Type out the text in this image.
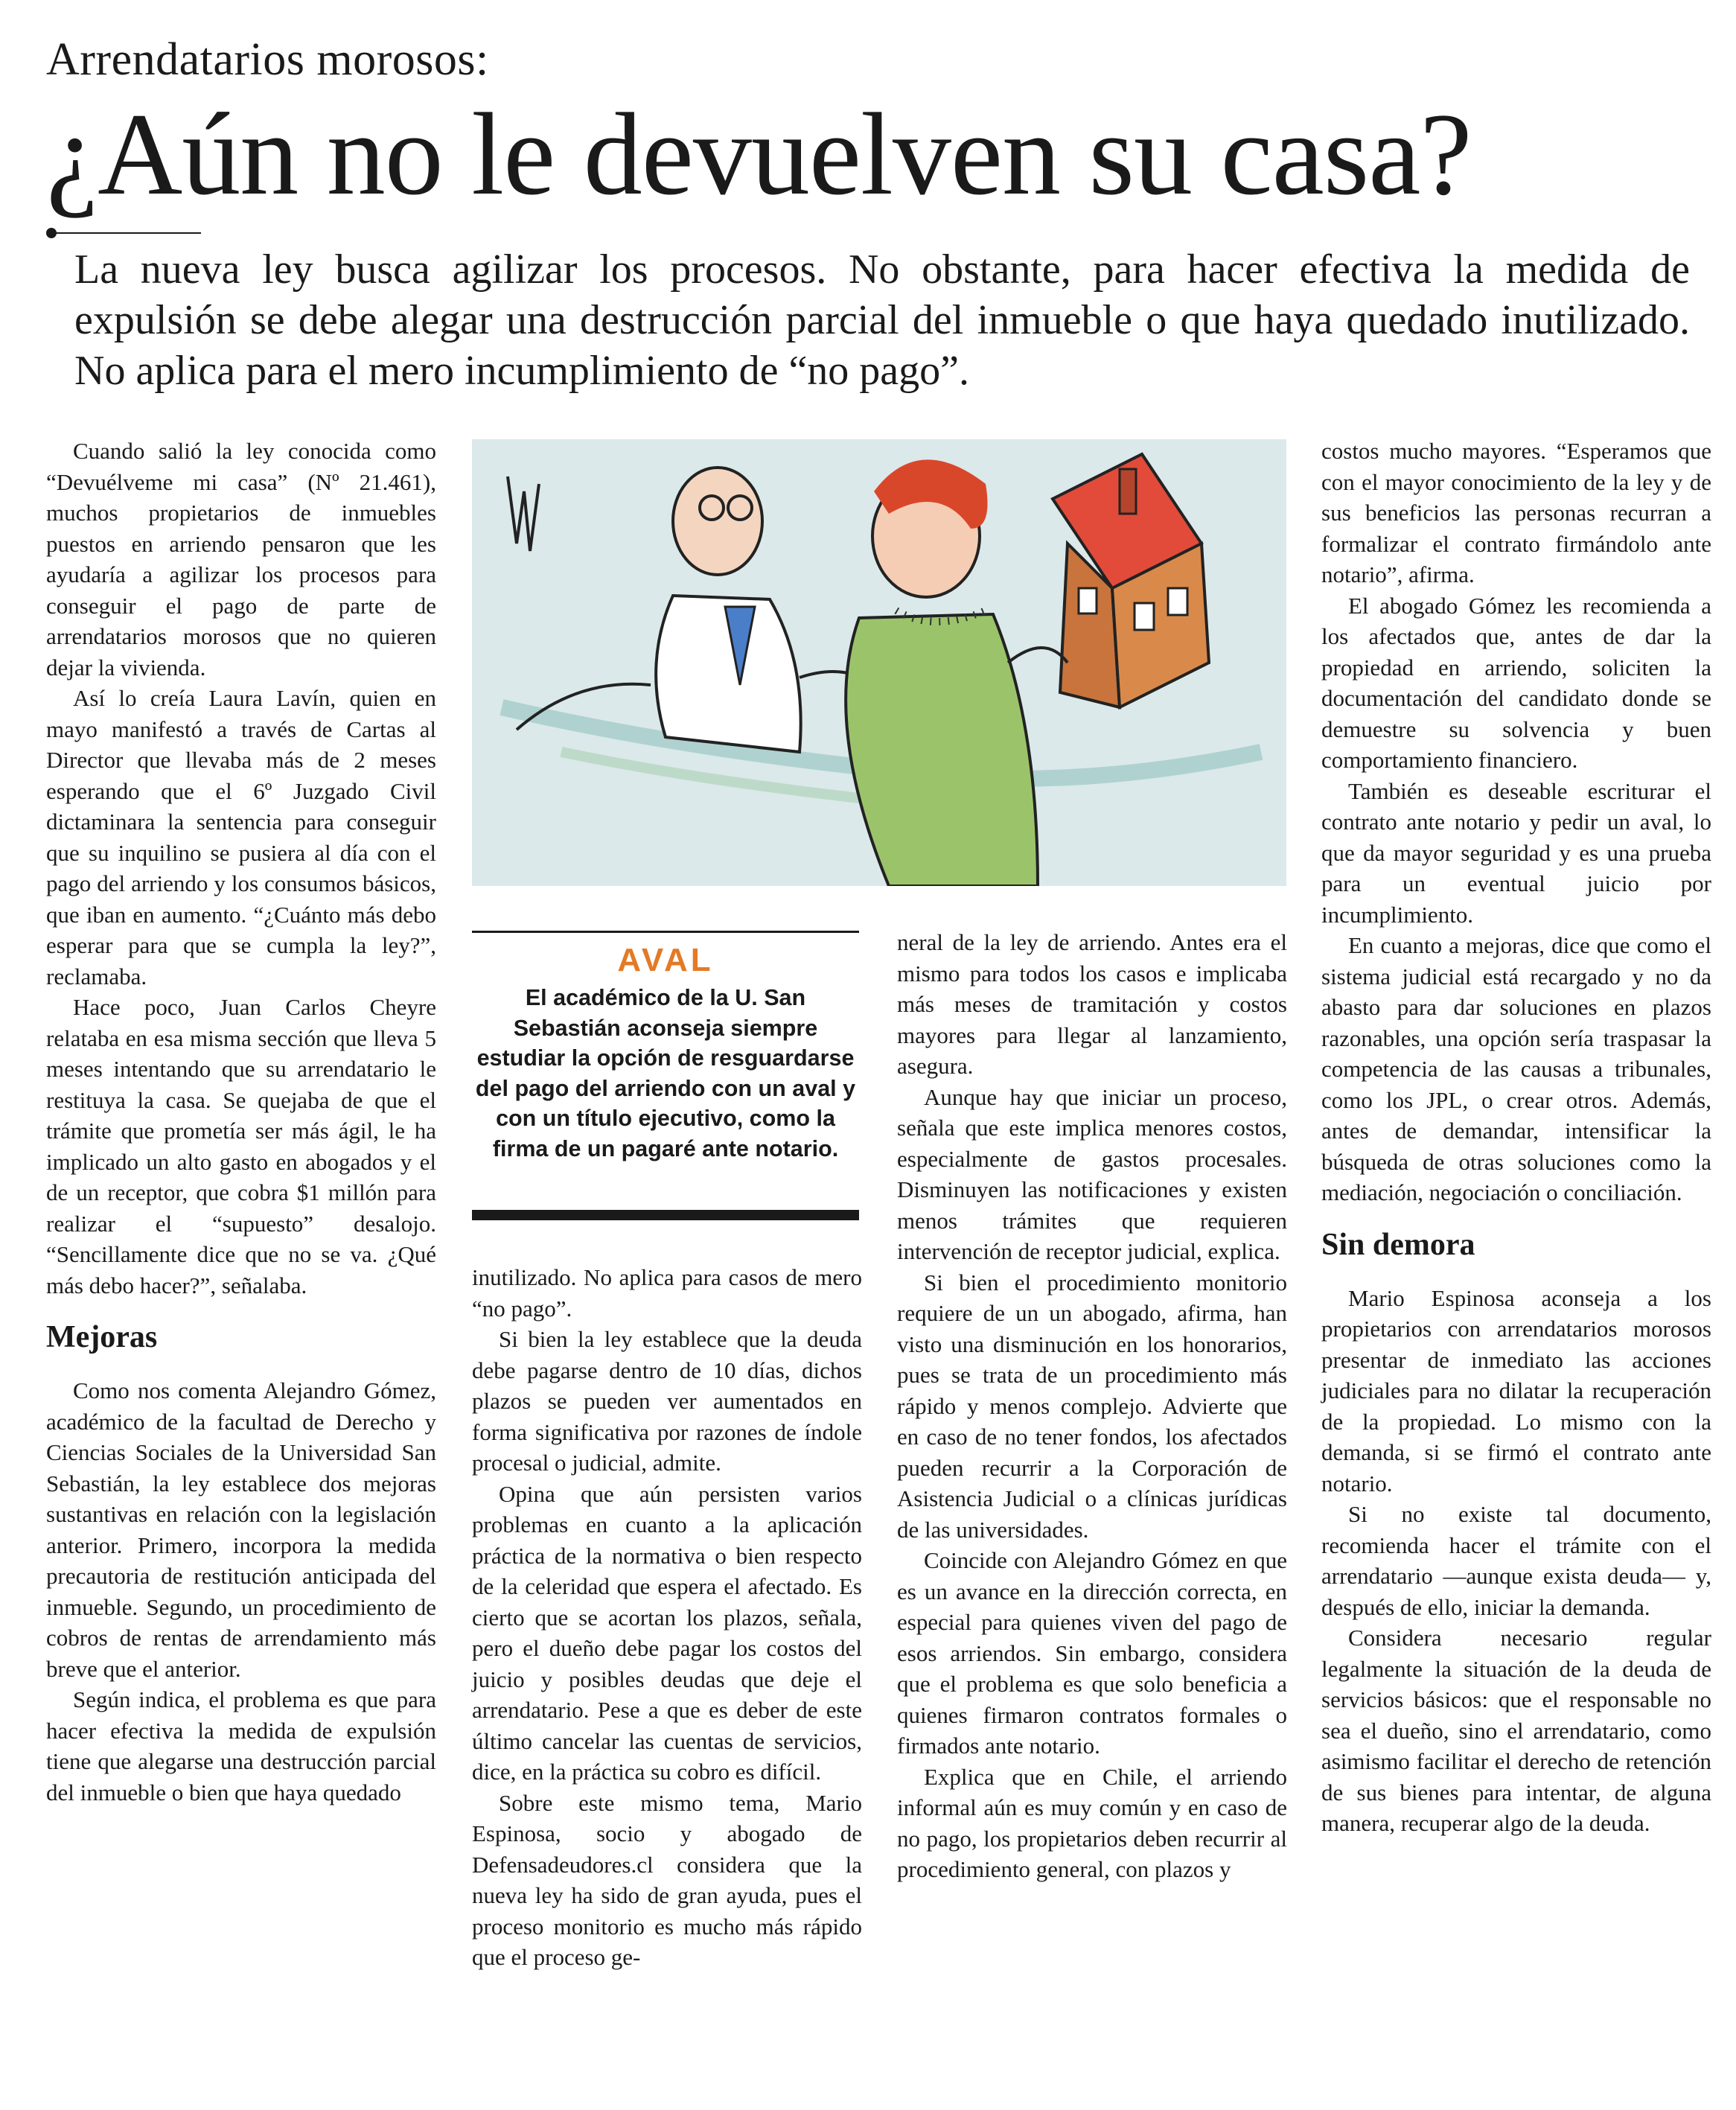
Arrendatarios morosos:
¿Aún no le devuelven su casa?
La nueva ley busca agilizar los procesos. No obstante, para hacer efectiva la medida de expulsión se debe alegar una destrucción parcial del inmueble o que haya quedado inutilizado. No aplica para el mero incumplimiento de “no pago”.

Cuando salió la ley conocida como “Devuélveme mi casa” (Nº 21.461), muchos propietarios de inmuebles puestos en arriendo pensaron que les ayudaría a agilizar los procesos para conseguir el pago de parte de arrendatarios morosos que no quieren dejar la vivienda.

Así lo creía Laura Lavín, quien en mayo manifestó a través de Cartas al Director que llevaba más de 2 meses esperando que el 6º Juzgado Civil dictaminara la sentencia para conseguir que su inquilino se pusiera al día con el pago del arriendo y los consumos básicos, que iban en aumento. “¿Cuánto más debo esperar para que se cumpla la ley?”, reclamaba.

Hace poco, Juan Carlos Cheyre relataba en esa misma sección que lleva 5 meses intentando que su arrendatario le restituya la casa. Se quejaba de que el trámite que prometía ser más ágil, le ha implicado un alto gasto en abogados y el de un receptor, que cobra $1 millón para realizar el “supuesto” desalojo. “Sencillamente dice que no se va. ¿Qué más debo hacer?”, señalaba.

Mejoras

Como nos comenta Alejandro Gómez, académico de la facultad de Derecho y Ciencias Sociales de la Universidad San Sebastián, la ley establece dos mejoras sustantivas en relación con la legislación anterior. Primero, incorpora la medida precautoria de restitución anticipada del inmueble. Segundo, un procedimiento de cobros de rentas de arrendamiento más breve que el anterior.

Según indica, el problema es que para hacer efectiva la medida de expulsión tiene que alegarse una destrucción parcial del inmueble o bien que haya quedado

AVAL
El académico de la U. San Sebastián aconseja siempre estudiar la opción de resguardarse del pago del arriendo con un aval y con un título ejecutivo, como la firma de un pagaré ante notario.

inutilizado. No aplica para casos de mero “no pago”.

Si bien la ley establece que la deuda debe pagarse dentro de 10 días, dichos plazos se pueden ver aumentados en forma significativa por razones de índole procesal o judicial, admite.

Opina que aún persisten varios problemas en cuanto a la aplicación práctica de la normativa o bien respecto de la celeridad que espera el afectado. Es cierto que se acortan los plazos, señala, pero el dueño debe pagar los costos del juicio y posibles deudas que deje el arrendatario. Pese a que es deber de este último cancelar las cuentas de servicios, dice, en la práctica su cobro es difícil.

Sobre este mismo tema, Mario Espinosa, socio y abogado de Defensadeudores.cl considera que la nueva ley ha sido de gran ayuda, pues el proceso monitorio es mucho más rápido que el proceso ge-

neral de la ley de arriendo. Antes era el mismo para todos los casos e implicaba más meses de tramitación y costos mayores para llegar al lanzamiento, asegura.

Aunque hay que iniciar un proceso, señala que este implica menores costos, especialmente de gastos procesales. Disminuyen las notificaciones y existen menos trámites que requieren intervención de receptor judicial, explica.

Si bien el procedimiento monitorio requiere de un un abogado, afirma, han visto una disminución en los honorarios, pues se trata de un procedimiento más rápido y menos complejo. Advierte que en caso de no tener fondos, los afectados pueden recurrir a la Corporación de Asistencia Judicial o a clínicas jurídicas de las universidades.

Coincide con Alejandro Gómez en que es un avance en la dirección correcta, en especial para quienes viven del pago de esos arriendos. Sin embargo, considera que el problema es que solo beneficia a quienes firmaron contratos formales o firmados ante notario.

Explica que en Chile, el arriendo informal aún es muy común y en caso de no pago, los propietarios deben recurrir al procedimiento general, con plazos y

costos mucho mayores. “Esperamos que con el mayor conocimiento de la ley y de sus beneficios las personas recurran a formalizar el contrato firmándolo ante notario”, afirma.

El abogado Gómez les recomienda a los afectados que, antes de dar la propiedad en arriendo, soliciten la documentación del candidato donde se demuestre su solvencia y buen comportamiento financiero.

También es deseable escriturar el contrato ante notario y pedir un aval, lo que da mayor seguridad y es una prueba para un eventual juicio por incumplimiento.

En cuanto a mejoras, dice que como el sistema judicial está recargado y no da abasto para dar soluciones en plazos razonables, una opción sería traspasar la competencia de las causas a tribunales, como los JPL, o crear otros. Además, antes de demandar, intensificar la búsqueda de otras soluciones como la mediación, negociación o conciliación.

Sin demora

Mario Espinosa aconseja a los propietarios con arrendatarios morosos presentar de inmediato las acciones judiciales para no dilatar la recuperación de la propiedad. Lo mismo con la demanda, si se firmó el contrato ante notario.

Si no existe tal documento, recomienda hacer el trámite con el arrendatario —aunque exista deuda— y, después de ello, iniciar la demanda.

Considera necesario regular legalmente la situación de la deuda de servicios básicos: que el responsable no sea el dueño, sino el arrendatario, como asimismo facilitar el derecho de retención de sus bienes para intentar, de alguna manera, recuperar algo de la deuda.
